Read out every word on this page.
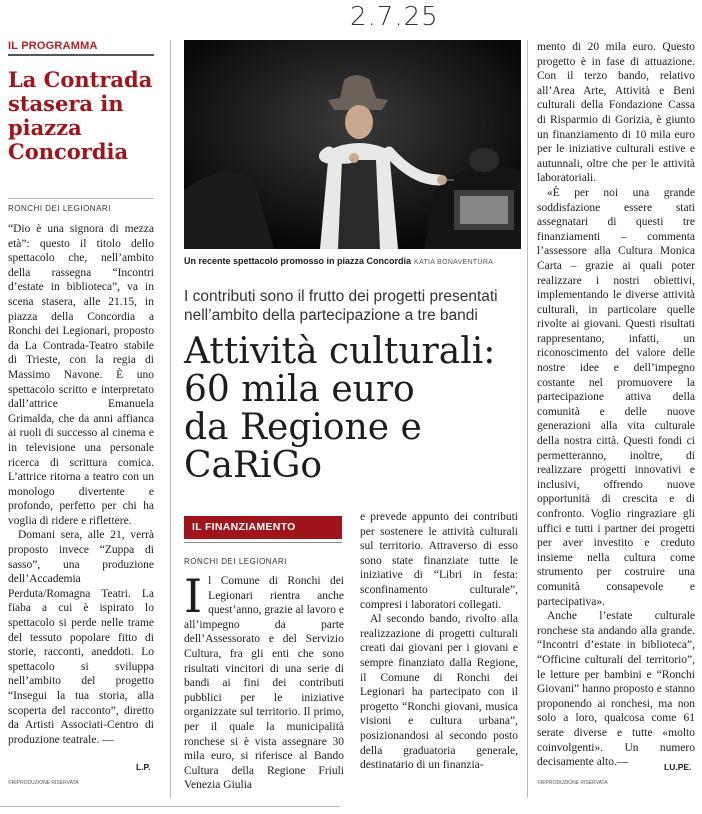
2.7.25
IL PROGRAMMA
La Contrada stasera in piazza Concordia
RONCHI DEI LEGIONARI

“Dio è una signora di mezza età”: questo il titolo dello spettacolo che, nell’ambito della rassegna “Incontri d’estate in biblioteca”, va in scena stasera, alle 21.15, in piazza della Concordia a Ronchi dei Legionari, proposto da La Contrada-Teatro stabile di Trieste, con la regia di Massimo Navone. È uno spettacolo scritto e interpretato dall’attrice Emanuela Grimalda, che da anni affianca ai ruoli di successo al cinema e in televisione una personale ricerca di scrittura comica. L’attrice ritorna a teatro con un monologo divertente e profondo, perfetto per chi ha voglia di ridere e riflettere.

Domani sera, alle 21, verrà proposto invece “Zuppa di sasso”, una produzione dell’Accademia Perduta/Romagna Teatri. La fiaba a cui è ispirato lo spettacolo si perde nelle trame del tessuto popolare fitto di storie, racconti, aneddoti. Lo spettacolo si sviluppa nell’ambito del progetto “Insegui la tua storia, alla scoperta del racconto”, diretto da Artisti Associati-Centro di produzione teatrale. —

L.P.
©RIPRODUZIONE RISERVATA
Un recente spettacolo promosso in piazza Concordia KATIA BONAVENTURA
I contributi sono il frutto dei progetti presentati nell’ambito della partecipazione a tre bandi
Attività culturali:
60 mila euro
da Regione e CaRiGo
IL FINANZIAMENTO
RONCHI DEI LEGIONARI
Il Comune di Ronchi dei Legionari rientra anche quest’anno, grazie al lavoro e all’impegno da parte dell’Assessorato e del Servizio Cultura, fra gli enti che sono risultati vincitori di una serie di bandi ai fini dei contributi pubblici per le iniziative organizzate sul territorio. Il primo, per il quale la municipalità ronchese si è vista assegnare 30 mila euro, si riferisce al Bando Cultura della Regione Friuli Venezia Giulia

e prevede appunto dei contributi per sostenere le attività culturali sul territorio. Attraverso di esso sono state finanziate tutte le iniziative di “Libri in festa: sconfinamento culturale”, compresi i laboratori collegati.

Al secondo bando, rivolto alla realizzazione di progetti culturali creati dai giovani per i giovani e sempre finanziato dalla Regione, il Comune di Ronchi dei Legionari ha partecipato con il progetto “Ronchi giovani, musica visioni e cultura urbana”, posizionandosi al secondo posto della graduatoria generale, destinatario di un finanzia-

mento di 20 mila euro. Questo progetto è in fase di attuazione. Con il terzo bando, relativo all’Area Arte, Attività e Beni culturali della Fondazione Cassa di Risparmio di Gorizia, è giunto un finanziamento di 10 mila euro per le iniziative culturali estive e autunnali, oltre che per le attività laboratoriali.

«È per noi una grande soddisfazione essere stati assegnatari di questi tre finanziamenti – commenta l’assessore alla Cultura Monica Carta – grazie ai quali poter realizzare i nostri obiettivi, implementando le diverse attività culturali, in particolare quelle rivolte ai giovani. Questi risultati rappresentano, infatti, un riconoscimento del valore delle nostre idee e dell’impegno costante nel promuovere la partecipazione attiva della comunità e delle nuove generazioni alla vita culturale della nostra città. Questi fondi ci permetteranno, inoltre, di realizzare progetti innovativi e inclusivi, offrendo nuove opportunità di crescita e di confronto. Voglio ringraziare gli uffici e tutti i partner dei progetti per aver investito e creduto insieme nella cultura come strumento per costruire una comunità consapevole e partecipativa».

Anche l’estate culturale ronchese sta andando alla grande. “Incontri d’estate in biblioteca”, “Officine culturali del territorio”, le letture per bambini e “Ronchi Giovani” hanno proposto e stanno proponendo ai ronchesi, ma non solo a loro, qualcosa come 61 serate diverse e tutte «molto coinvolgenti». Un numero decisamente alto.—	LU.PE.
©RIPRODUZIONE RISERVATA
